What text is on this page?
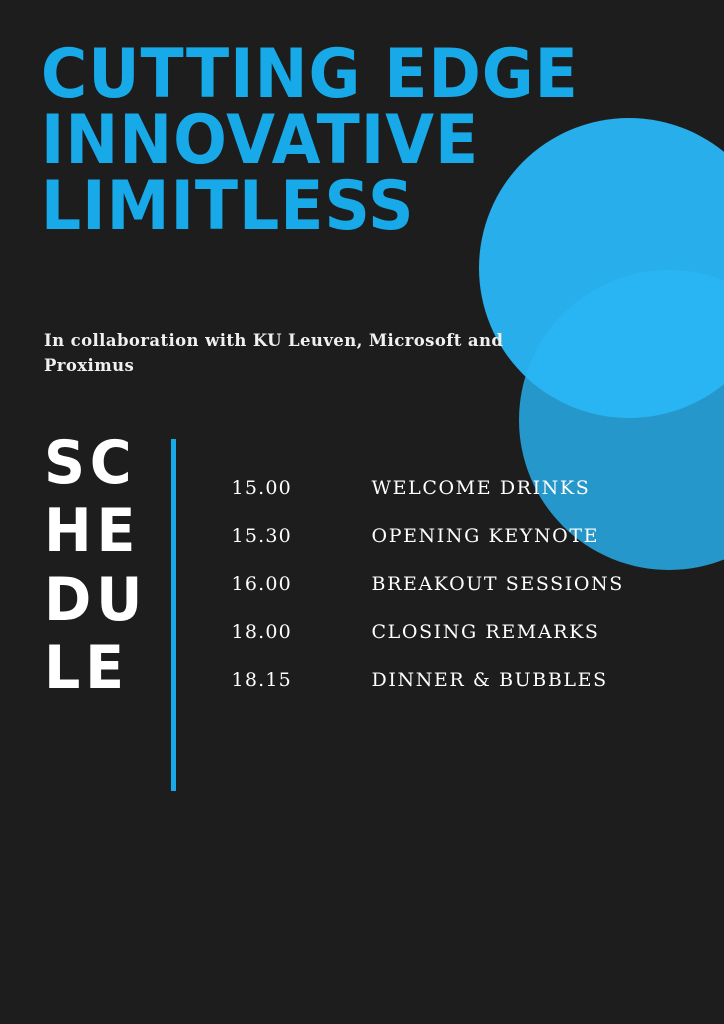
CUTTING EDGE
INNOVATIVE
LIMITLESS
In collaboration with KU Leuven, Microsoft and Proximus
SC
HE
DU
LE
15.00	WELCOME DRINKS
15.30	OPENING KEYNOTE
16.00	BREAKOUT SESSIONS
18.00	CLOSING REMARKS
18.15	DINNER & BUBBLES
